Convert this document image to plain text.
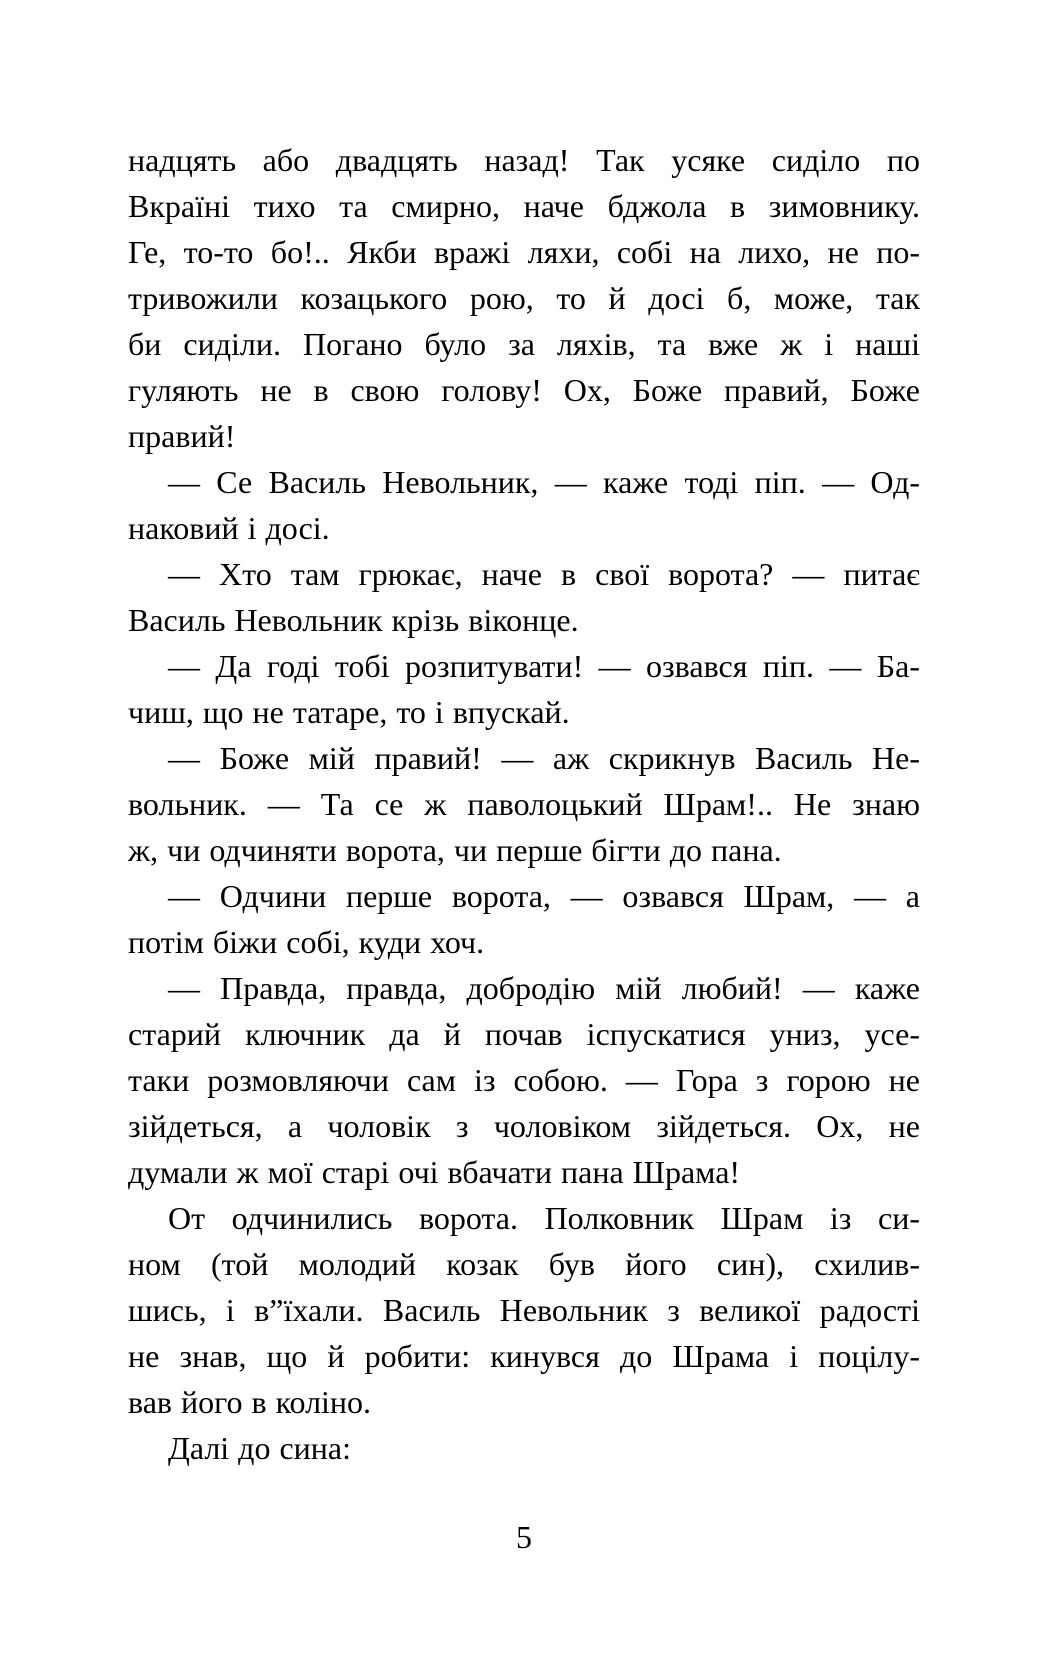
надцять або двадцять назад! Так усяке сиділо по
Вкраїні тихо та смирно, наче бджола в зимовнику.
Ге, то-то бо!.. Якби вражі ляхи, собі на лихо, не по-
тривожили козацького рою, то й досі б, може, так
би сиділи. Погано було за ляхів, та вже ж і наші
гуляють не в свою голову! Ох, Боже правий, Боже
правий!
— Се Василь Невольник, — каже тоді піп. — Од-
наковий і досі.
— Хто там грюкає, наче в свої ворота? — питає
Василь Невольник крізь віконце.
— Да годі тобі розпитувати! — озвався піп. — Ба-
чиш, що не татаре, то і впускай.
— Боже мій правий! — аж скрикнув Василь Не-
вольник. — Та се ж паволоцький Шрам!.. Не знаю
ж, чи одчиняти ворота, чи перше бігти до пана.
— Одчини перше ворота, — озвався Шрам, — а
потім біжи собі, куди хоч.
— Правда, правда, добродію мій любий! — каже
старий ключник да й почав іспускатися униз, усе-
таки розмовляючи сам із собою. — Гора з горою не
зійдеться, а чоловік з чоловіком зійдеться. Ох, не
думали ж мої старі очі вбачати пана Шрама!
От одчинились ворота. Полковник Шрам із си-
ном (той молодий козак був його син), схилив-
шись, і в”їхали. Василь Невольник з великої радості
не знав, що й робити: кинувся до Шрама і поцілу-
вав його в коліно.
Далі до сина:
5
